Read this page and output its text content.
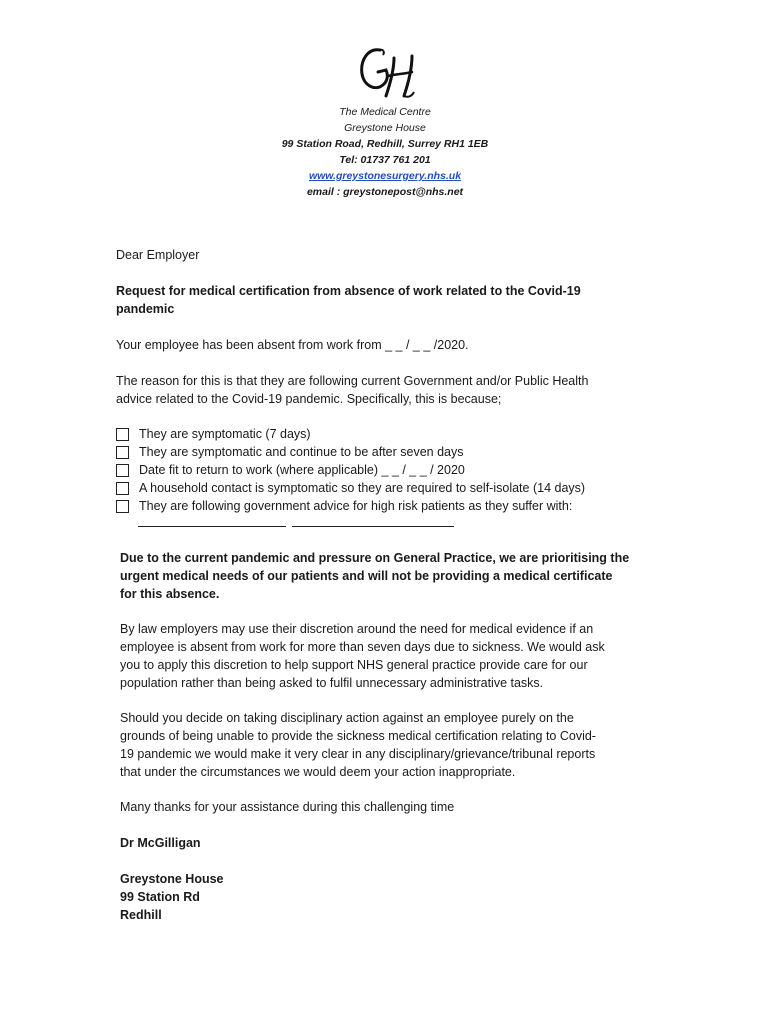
The Medical Centre
Greystone House
99 Station Road, Redhill, Surrey RH1 1EB
Tel: 01737 761 201
www.greystonesurgery.nhs.uk
email : greystonepost@nhs.net
Dear Employer
Request for medical certification from absence of work related to the Covid-19
pandemic
Your employee has been absent from work from _ _ / _ _ /2020.
The reason for this is that they are following current Government and/or Public Health
advice related to the Covid-19 pandemic. Specifically, this is because;
They are symptomatic (7 days)
They are symptomatic and continue to be after seven days
Date fit to return to work (where applicable) _ _ / _ _ / 2020
A household contact is symptomatic so they are required to self-isolate (14 days)
They are following government advice for high risk patients as they suffer with:
Due to the current pandemic and pressure on General Practice, we are prioritising the
urgent medical needs of our patients and will not be providing a medical certificate
for this absence.
By law employers may use their discretion around the need for medical evidence if an
employee is absent from work for more than seven days due to sickness. We would ask
you to apply this discretion to help support NHS general practice provide care for our
population rather than being asked to fulfil unnecessary administrative tasks.
Should you decide on taking disciplinary action against an employee purely on the
grounds of being unable to provide the sickness medical certification relating to Covid-
19 pandemic we would make it very clear in any disciplinary/grievance/tribunal reports
that under the circumstances we would deem your action inappropriate.
Many thanks for your assistance during this challenging time
Dr McGilligan
Greystone House
99 Station Rd
Redhill
